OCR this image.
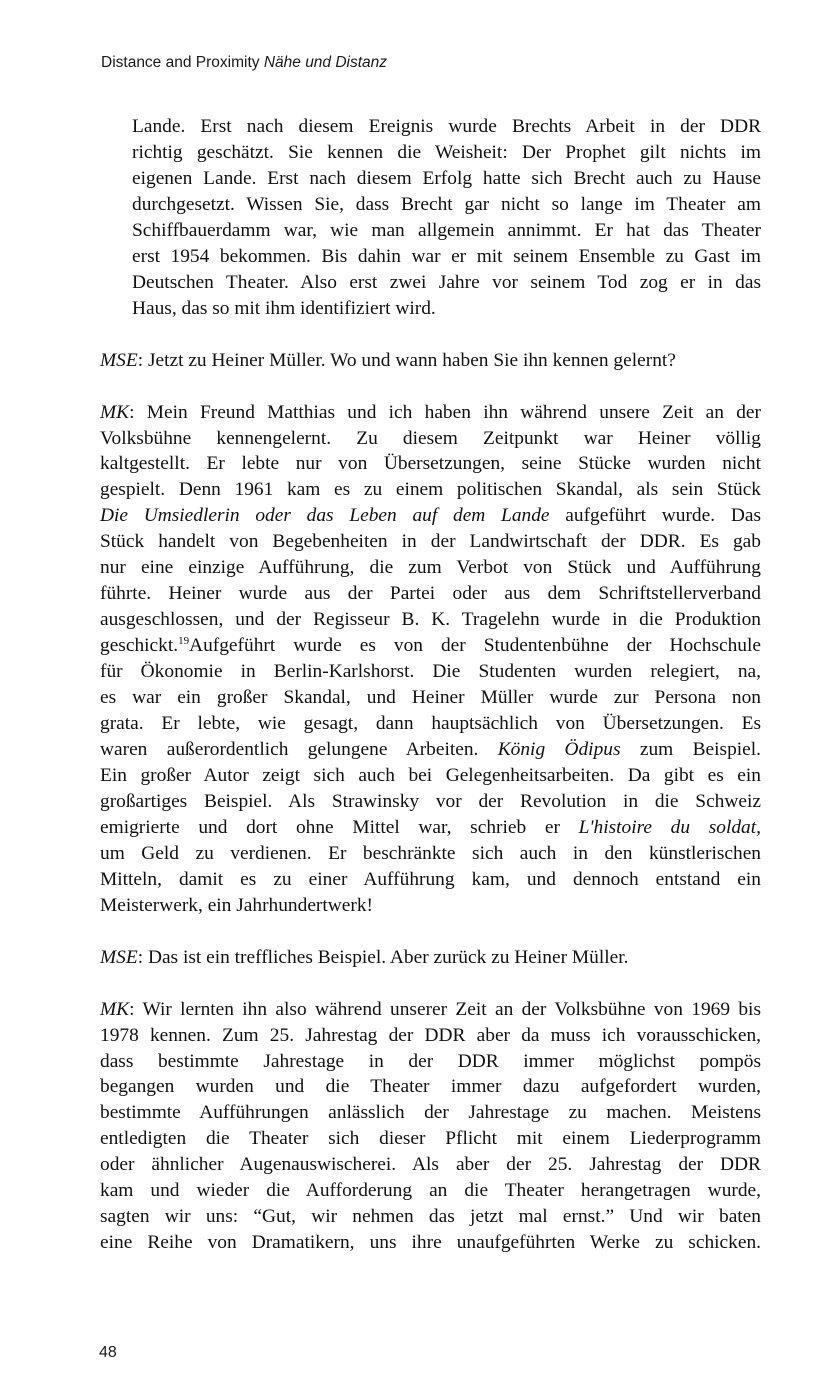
Distance and Proximity Nähe und Distanz
Lande. Erst nach diesem Ereignis wurde Brechts Arbeit in der DDR
richtig geschätzt. Sie kennen die Weisheit: Der Prophet gilt nichts im
eigenen Lande. Erst nach diesem Erfolg hatte sich Brecht auch zu Hause
durchgesetzt. Wissen Sie, dass Brecht gar nicht so lange im Theater am
Schiffbauerdamm war, wie man allgemein annimmt. Er hat das Theater
erst 1954 bekommen. Bis dahin war er mit seinem Ensemble zu Gast im
Deutschen Theater. Also erst zwei Jahre vor seinem Tod zog er in das
Haus, das so mit ihm identifiziert wird.
MSE: Jetzt zu Heiner Müller. Wo und wann haben Sie ihn kennen gelernt?
MK: Mein Freund Matthias und ich haben ihn während unsere Zeit an der
Volksbühne kennengelernt. Zu diesem Zeitpunkt war Heiner völlig
kaltgestellt. Er lebte nur von Übersetzungen, seine Stücke wurden nicht
gespielt. Denn 1961 kam es zu einem politischen Skandal, als sein Stück
Die Umsiedlerin oder das Leben auf dem Lande aufgeführt wurde. Das
Stück handelt von Begebenheiten in der Landwirtschaft der DDR. Es gab
nur eine einzige Aufführung, die zum Verbot von Stück und Aufführung
führte. Heiner wurde aus der Partei oder aus dem Schriftstellerverband
ausgeschlossen, und der Regisseur B. K. Tragelehn wurde in die Produktion
geschickt.$^{19}$Aufgeführt wurde es von der Studentenbühne der Hochschule
für Ökonomie in Berlin-Karlshorst. Die Studenten wurden relegiert, na,
es war ein großer Skandal, und Heiner Müller wurde zur Persona non
grata. Er lebte, wie gesagt, dann hauptsächlich von Übersetzungen. Es
waren außerordentlich gelungene Arbeiten. König Ödipus zum Beispiel.
Ein großer Autor zeigt sich auch bei Gelegenheitsarbeiten. Da gibt es ein
großartiges Beispiel. Als Strawinsky vor der Revolution in die Schweiz
emigrierte und dort ohne Mittel war, schrieb er L'histoire du soldat,
um Geld zu verdienen. Er beschränkte sich auch in den künstlerischen
Mitteln, damit es zu einer Aufführung kam, und dennoch entstand ein
Meisterwerk, ein Jahrhundertwerk!
MSE: Das ist ein treffliches Beispiel. Aber zurück zu Heiner Müller.
MK: Wir lernten ihn also während unserer Zeit an der Volksbühne von 1969 bis
1978 kennen. Zum 25. Jahrestag der DDR aber da muss ich vorausschicken,
dass bestimmte Jahrestage in der DDR immer möglichst pompös
begangen wurden und die Theater immer dazu aufgefordert wurden,
bestimmte Aufführungen anlässlich der Jahrestage zu machen. Meistens
entledigten die Theater sich dieser Pflicht mit einem Liederprogramm
oder ähnlicher Augenauswischerei. Als aber der 25. Jahrestag der DDR
kam und wieder die Aufforderung an die Theater herangetragen wurde,
sagten wir uns: “Gut, wir nehmen das jetzt mal ernst.” Und wir baten
eine Reihe von Dramatikern, uns ihre unaufgeführten Werke zu schicken.
48
